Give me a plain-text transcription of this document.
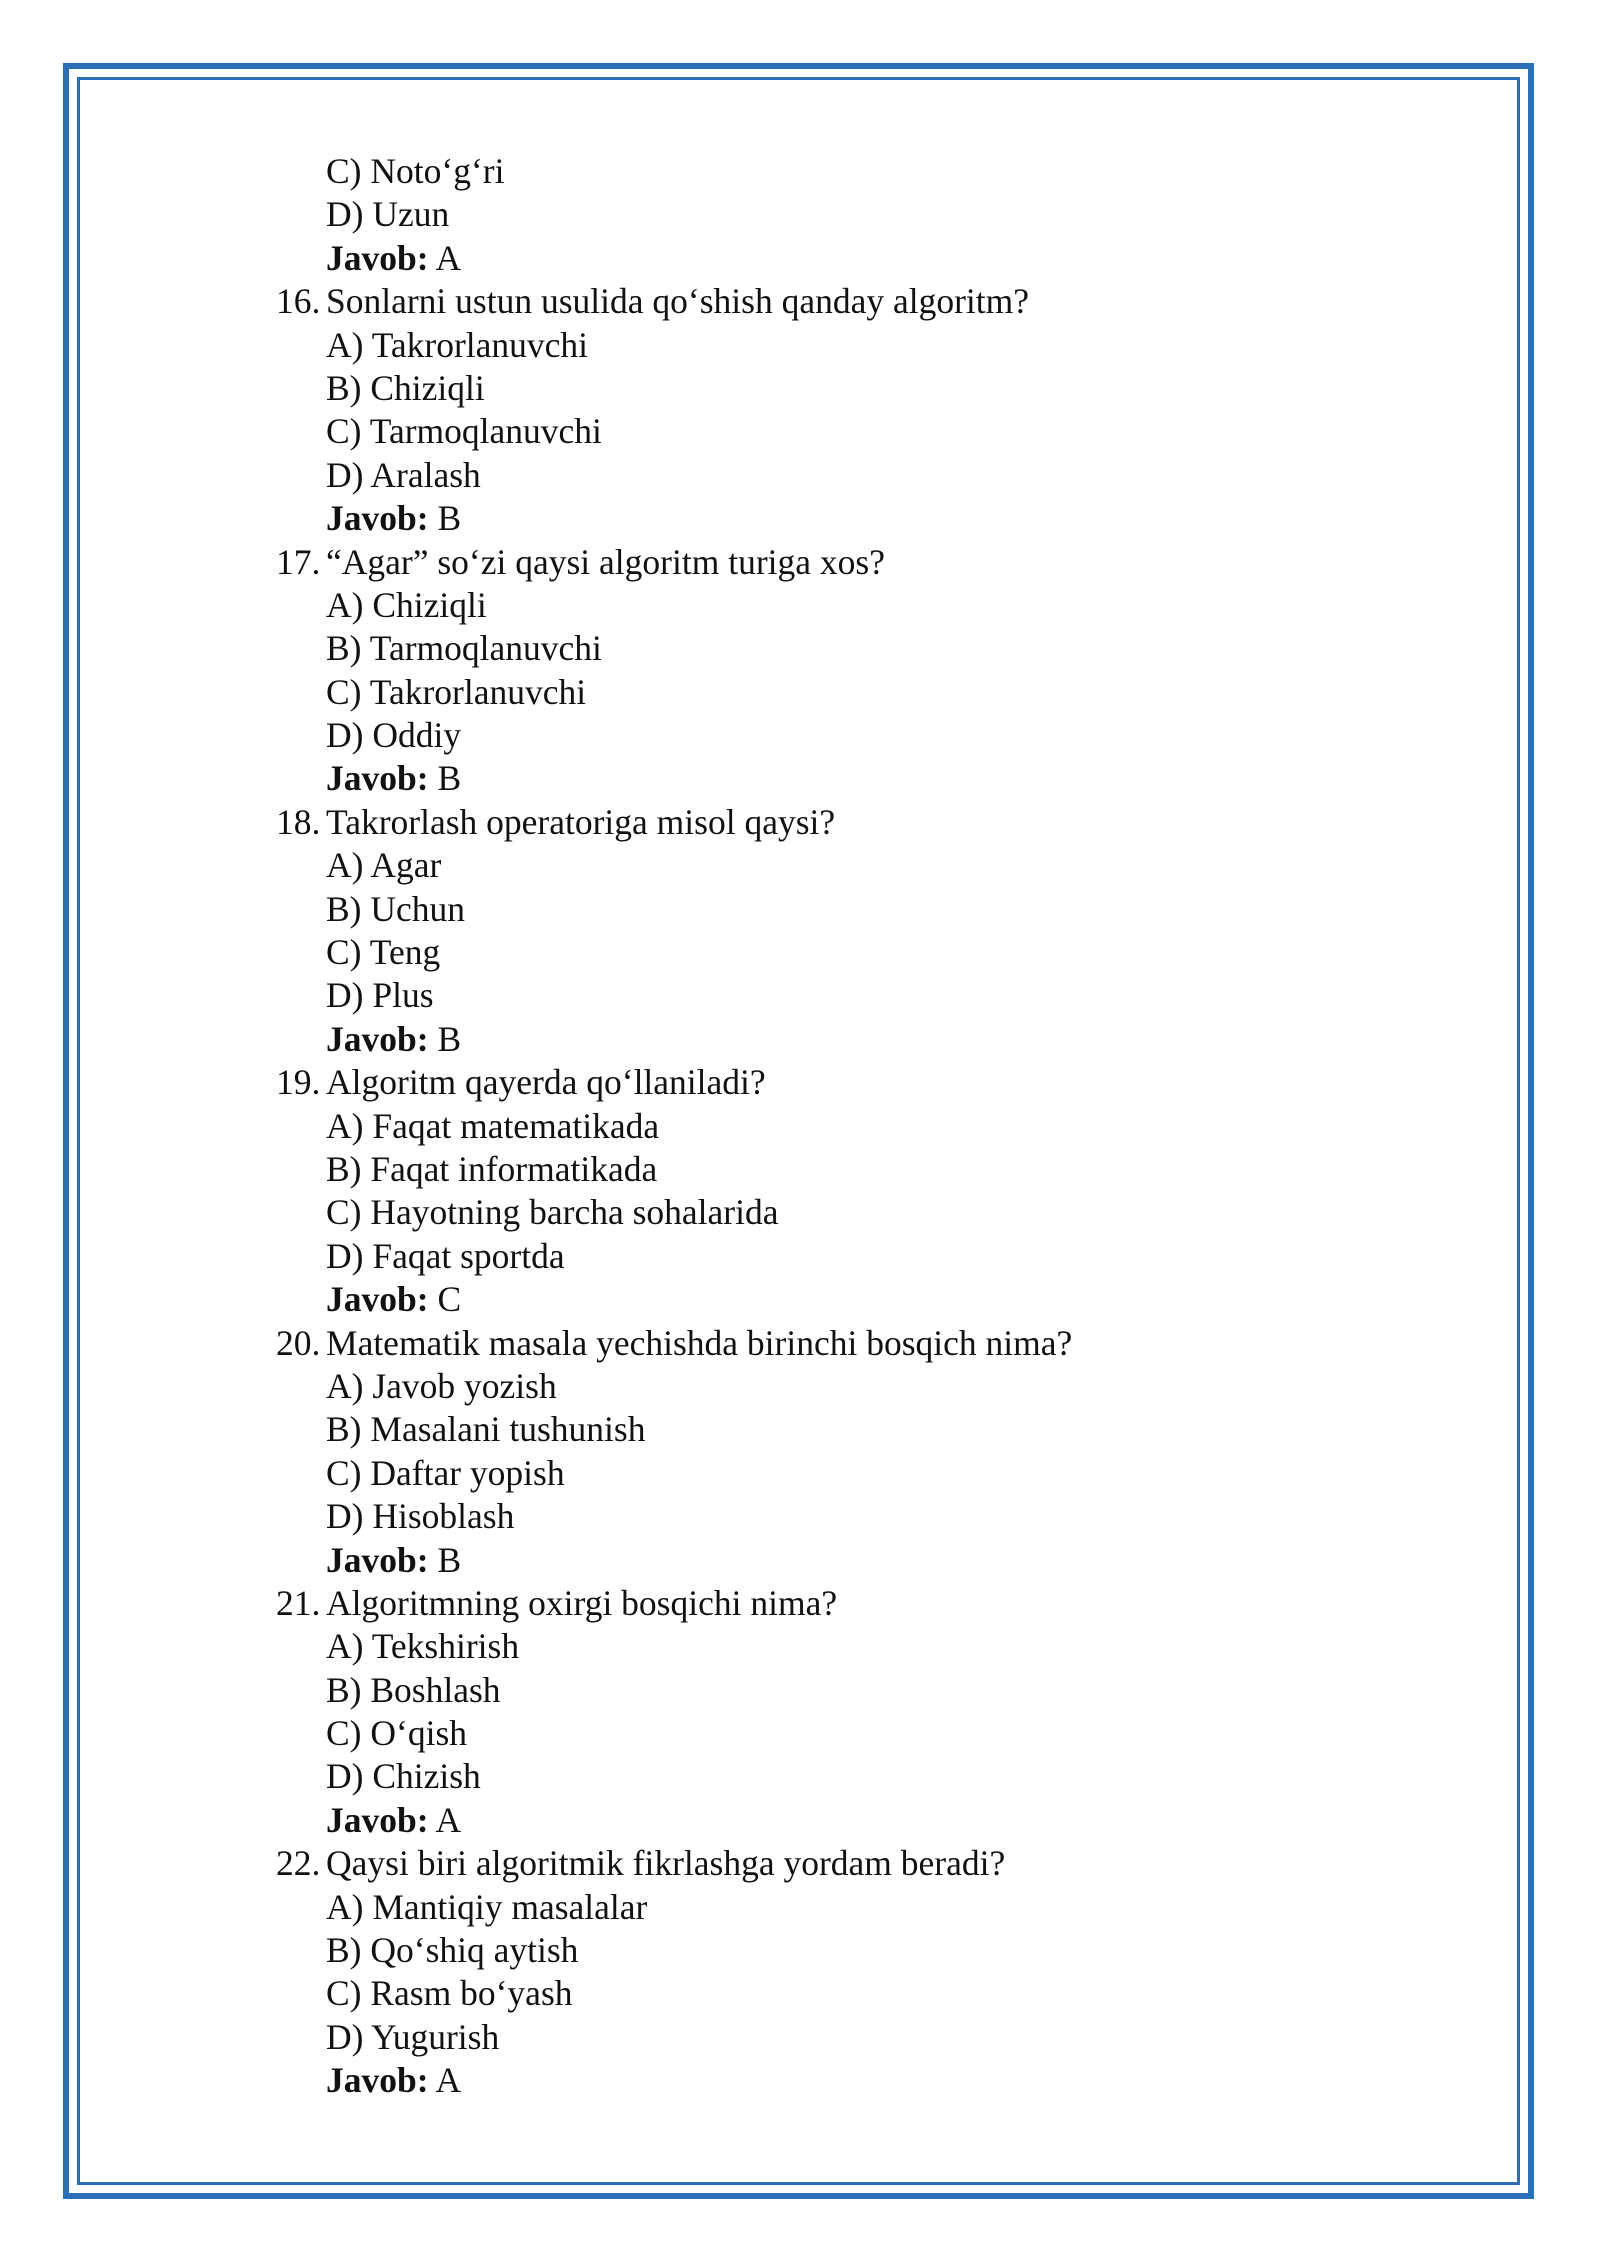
C) Noto‘g‘ri
D) Uzun
Javob: A
16. Sonlarni ustun usulida qo‘shish qanday algoritm?
A) Takrorlanuvchi
B) Chiziqli
C) Tarmoqlanuvchi
D) Aralash
Javob: B
17. “Agar” so‘zi qaysi algoritm turiga xos?
A) Chiziqli
B) Tarmoqlanuvchi
C) Takrorlanuvchi
D) Oddiy
Javob: B
18. Takrorlash operatoriga misol qaysi?
A) Agar
B) Uchun
C) Teng
D) Plus
Javob: B
19. Algoritm qayerda qo‘llaniladi?
A) Faqat matematikada
B) Faqat informatikada
C) Hayotning barcha sohalarida
D) Faqat sportda
Javob: C
20. Matematik masala yechishda birinchi bosqich nima?
A) Javob yozish
B) Masalani tushunish
C) Daftar yopish
D) Hisoblash
Javob: B
21. Algoritmning oxirgi bosqichi nima?
A) Tekshirish
B) Boshlash
C) O‘qish
D) Chizish
Javob: A
22. Qaysi biri algoritmik fikrlashga yordam beradi?
A) Mantiqiy masalalar
B) Qo‘shiq aytish
C) Rasm bo‘yash
D) Yugurish
Javob: A
